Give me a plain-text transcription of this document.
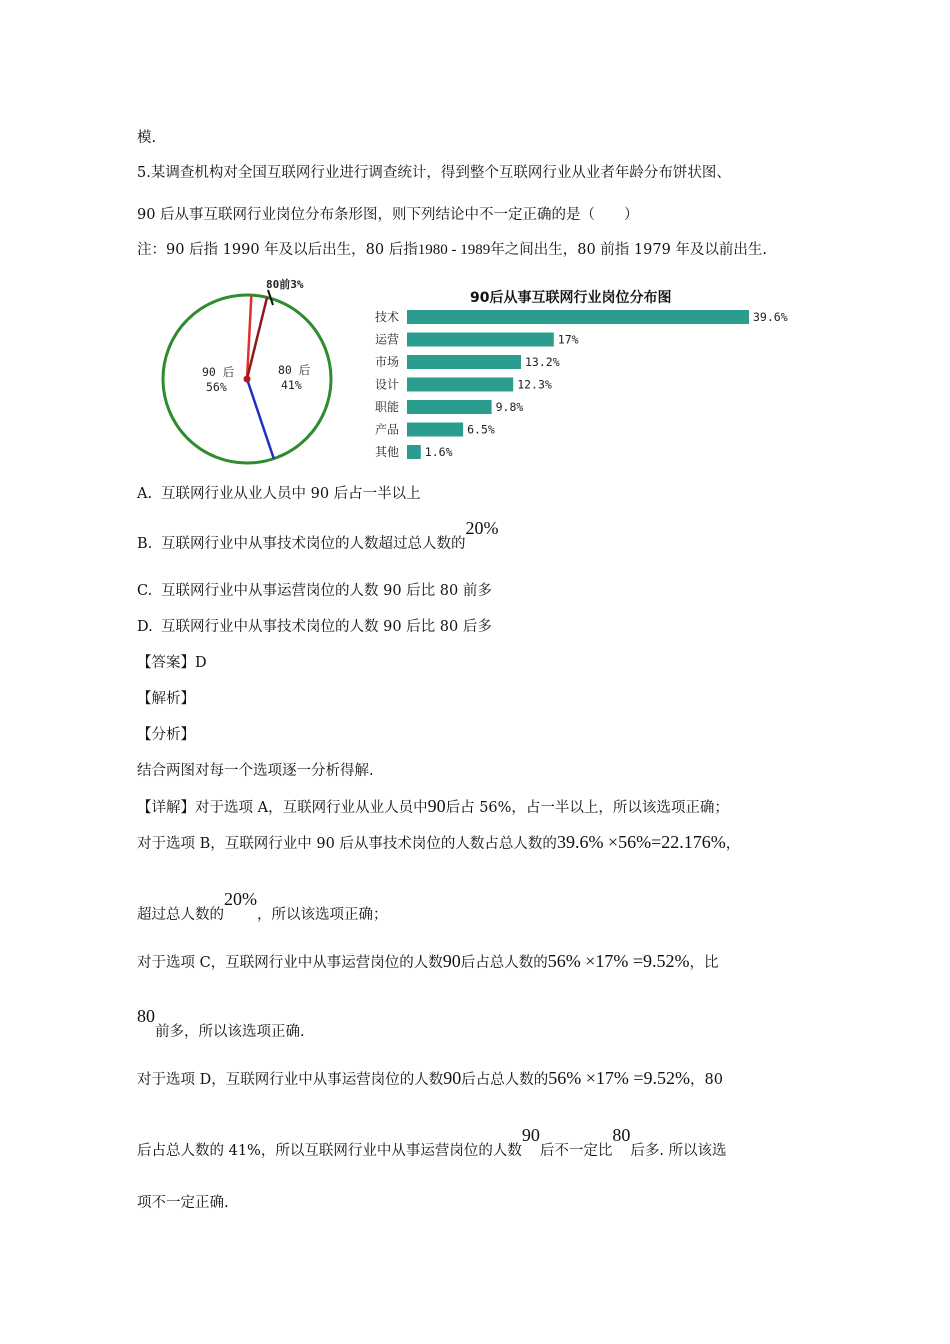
模.
5.某调查机构对全国互联网行业进行调查统计，得到整个互联网行业从业者年龄分布饼状图、
90 后从事互联网行业岗位分布条形图，则下列结论中不一定正确的是（　　）
注：90 后指 1990 年及以后出生，80 后指1980 - 1989年之间出生，80 前指 1979 年及以前出生.
90 后
56%
80 后
41%
80前3%
90后从事互联网行业岗位分布图
技术	39.6%
运营	17%
市场	13.2%
设计	12.3%
职能	9.8%
产品	6.5%
其他 1.6%
A. 互联网行业从业人员中 90 后占一半以上
B. 互联网行业中从事技术岗位的人数超过总人数的20%
C. 互联网行业中从事运营岗位的人数 90 后比 80 前多
D. 互联网行业中从事技术岗位的人数 90 后比 80 后多
【答案】D
【解析】
【分析】
结合两图对每一个选项逐一分析得解.
【详解】对于选项 A，互联网行业从业人员中90后占 56%，占一半以上，所以该选项正确；
对于选项 B，互联网行业中 90 后从事技术岗位的人数占总人数的39.6% ×56%=22.176%，
超过总人数的20%，所以该选项正确；
对于选项 C，互联网行业中从事运营岗位的人数90后占总人数的56% ×17% =9.52%，比
80前多，所以该选项正确.
对于选项 D，互联网行业中从事运营岗位的人数90后占总人数的56% ×17% =9.52%，80
后占总人数的 41%，所以互联网行业中从事运营岗位的人数90后不一定比80后多. 所以该选
项不一定正确.
